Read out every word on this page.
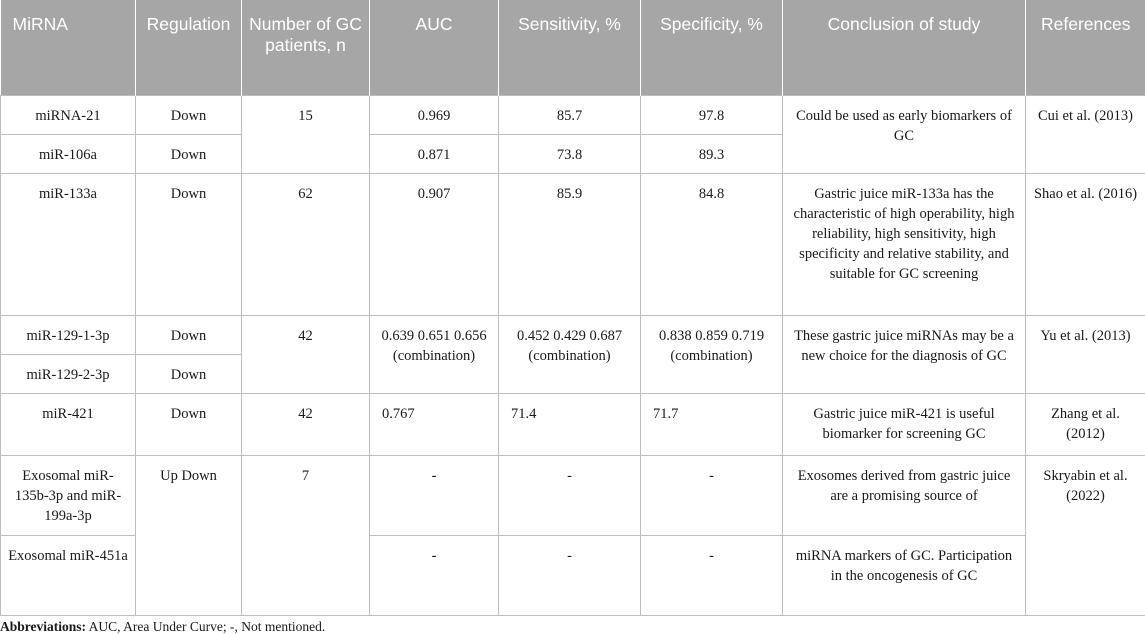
MiRNA	Regulation	Number of GC patients, n	AUC	Sensitivity, %	Specificity, %	Conclusion of study	References
miRNA-21	Down	15	0.969	85.7	97.8	Could be used as early biomarkers of GC	Cui et al. (2013)
miR-106a	Down		0.871	73.8	89.3		
miR-133a	Down	62	0.907	85.9	84.8	Gastric juice miR-133a has the characteristic of high operability, high reliability, high sensitivity, high specificity and relative stability, and suitable for GC screening	Shao et al. (2016)
miR-129-1-3p	Down	42	0.639 0.651 0.656 (combination)	0.452 0.429 0.687 (combination)	0.838 0.859 0.719 (combination)	These gastric juice miRNAs may be a new choice for the diagnosis of GC	Yu et al. (2013)
miR-129-2-3p	Down						
miR-421	Down	42	0.767	71.4	71.7	Gastric juice miR-421 is useful biomarker for screening GC	Zhang et al. (2012)
Exosomal miR-135b-3p and miR-199a-3p	Up Down	7	-	-	-	Exosomes derived from gastric juice are a promising source of	Skryabin et al. (2022)
Exosomal miR-451a			-	-	-	miRNA markers of GC. Participation in the oncogenesis of GC	
Abbreviations: AUC, Area Under Curve; -, Not mentioned.
